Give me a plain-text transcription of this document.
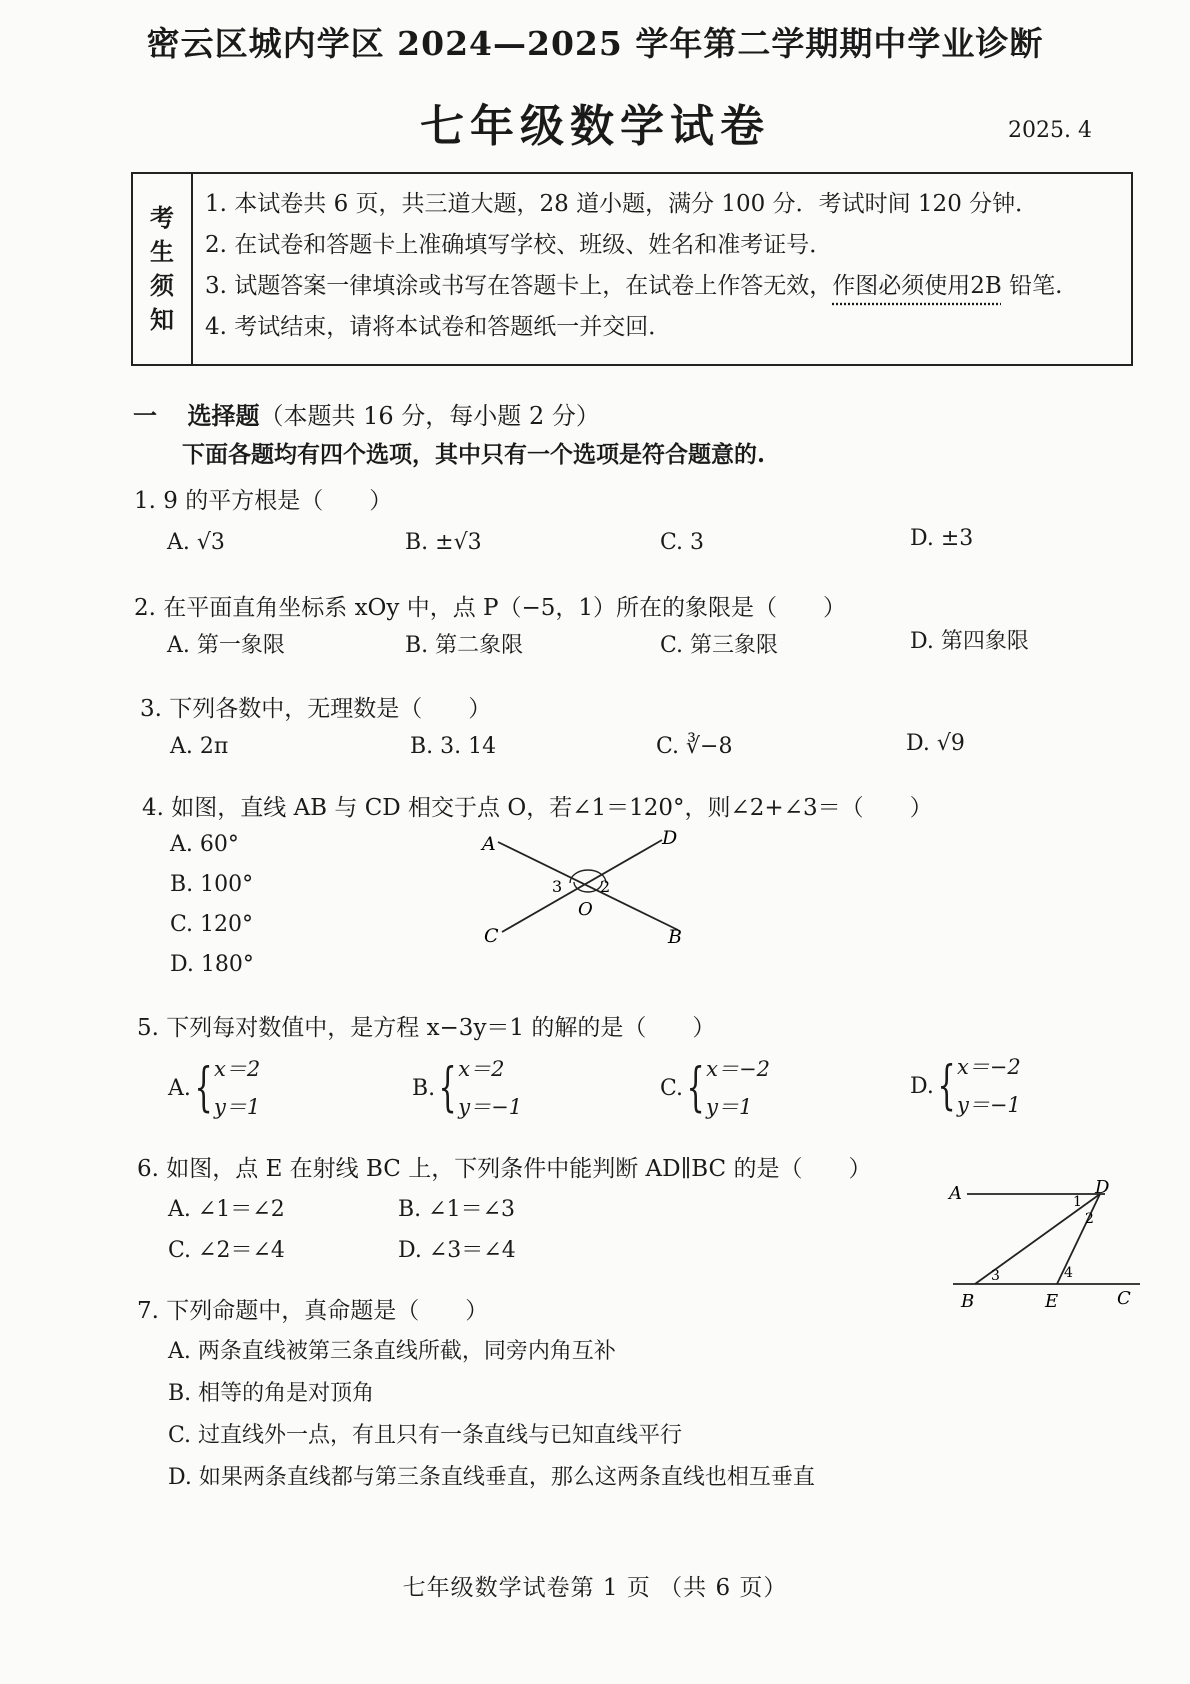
密云区城内学区 2024—2025 学年第二学期期中学业诊断
七年级数学试卷	2025. 4
考
生
须
知
1. 本试卷共 6 页，共三道大题，28 道小题，满分 100 分．考试时间 120 分钟．
2. 在试卷和答题卡上准确填写学校、班级、姓名和准考证号．
3. 试题答案一律填涂或书写在答题卡上，在试卷上作答无效，作图必须使用2B 铅笔.
4. 考试结束，请将本试卷和答题纸一并交回．
一 选择题（本题共 16 分，每小题 2 分）
下面各题均有四个选项，其中只有一个选项是符合题意的.
1. 9 的平方根是（　　）
A. √3	B. ±√3	C. 3	D. ±3
2. 在平面直角坐标系 xOy 中，点 P（−5，1）所在的象限是（　　）
A. 第一象限	B. 第二象限	C. 第三象限	D. 第四象限
3. 下列各数中，无理数是（　　）
A. 2π	B. 3. 14	C. ∛−8	D. √9
4. 如图，直线 AB 与 CD 相交于点 O，若∠1＝120°，则∠2+∠3＝（　　）
A. 60°
B. 100°
C. 120°
D. 180°
A	D
C	B
O
3 2
5. 下列每对数值中，是方程 x−3y＝1 的解的是（　　）
A. { x＝2
y＝1
B. { x＝2
y＝−1
C. { x＝−2
y＝1
D. { x＝−2
y＝−1
6. 如图，点 E 在射线 BC 上，下列条件中能判断 AD∥BC 的是（　　）
A. ∠1＝∠2	B. ∠1＝∠3
C. ∠2＝∠4	D. ∠3＝∠4
A	D
B	E	C
1
2
3	4
7. 下列命题中，真命题是（　　）
A. 两条直线被第三条直线所截，同旁内角互补
B. 相等的角是对顶角
C. 过直线外一点，有且只有一条直线与已知直线平行
D. 如果两条直线都与第三条直线垂直，那么这两条直线也相互垂直
七年级数学试卷第 1 页 （共 6 页）
